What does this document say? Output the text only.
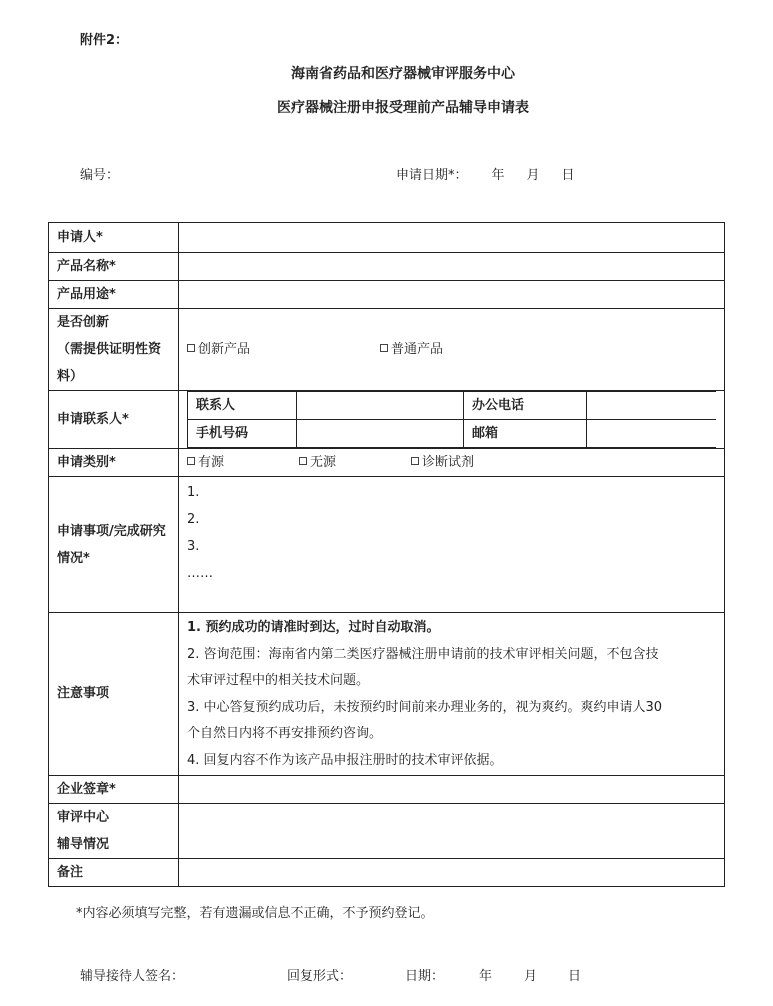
附件2：
海南省药品和医疗器械审评服务中心
医疗器械注册申报受理前产品辅导申请表
编号：	申请日期*： 年 月 日
申请人*	
产品名称*	
产品用途*	
是否创新
（需提供证明性资料）	创新产品	普通产品
申请联系人*	
联系人		办公电话	
手机号码		邮箱	

申请类别*	有源	无源	诊断试剂
申请事项/完成研究情况*	
1.
2.
3.
……

注意事项	
1. 预约成功的请准时到达，过时自动取消。
2. 咨询范围：海南省内第二类医疗器械注册申请前的技术审评相关问题，不包含技
术审评过程中的相关技术问题。
3. 中心答复预约成功后，未按预约时间前来办理业务的，视为爽约。爽约申请人30
个自然日内将不再安排预约咨询。
4. 回复内容不作为该产品申报注册时的技术审评依据。

企业签章*	
审评中心
辅导情况	
备注	
*内容必须填写完整，若有遗漏或信息不正确，不予预约登记。
辅导接待人签名：	回复形式：	日期：	年 月 日
